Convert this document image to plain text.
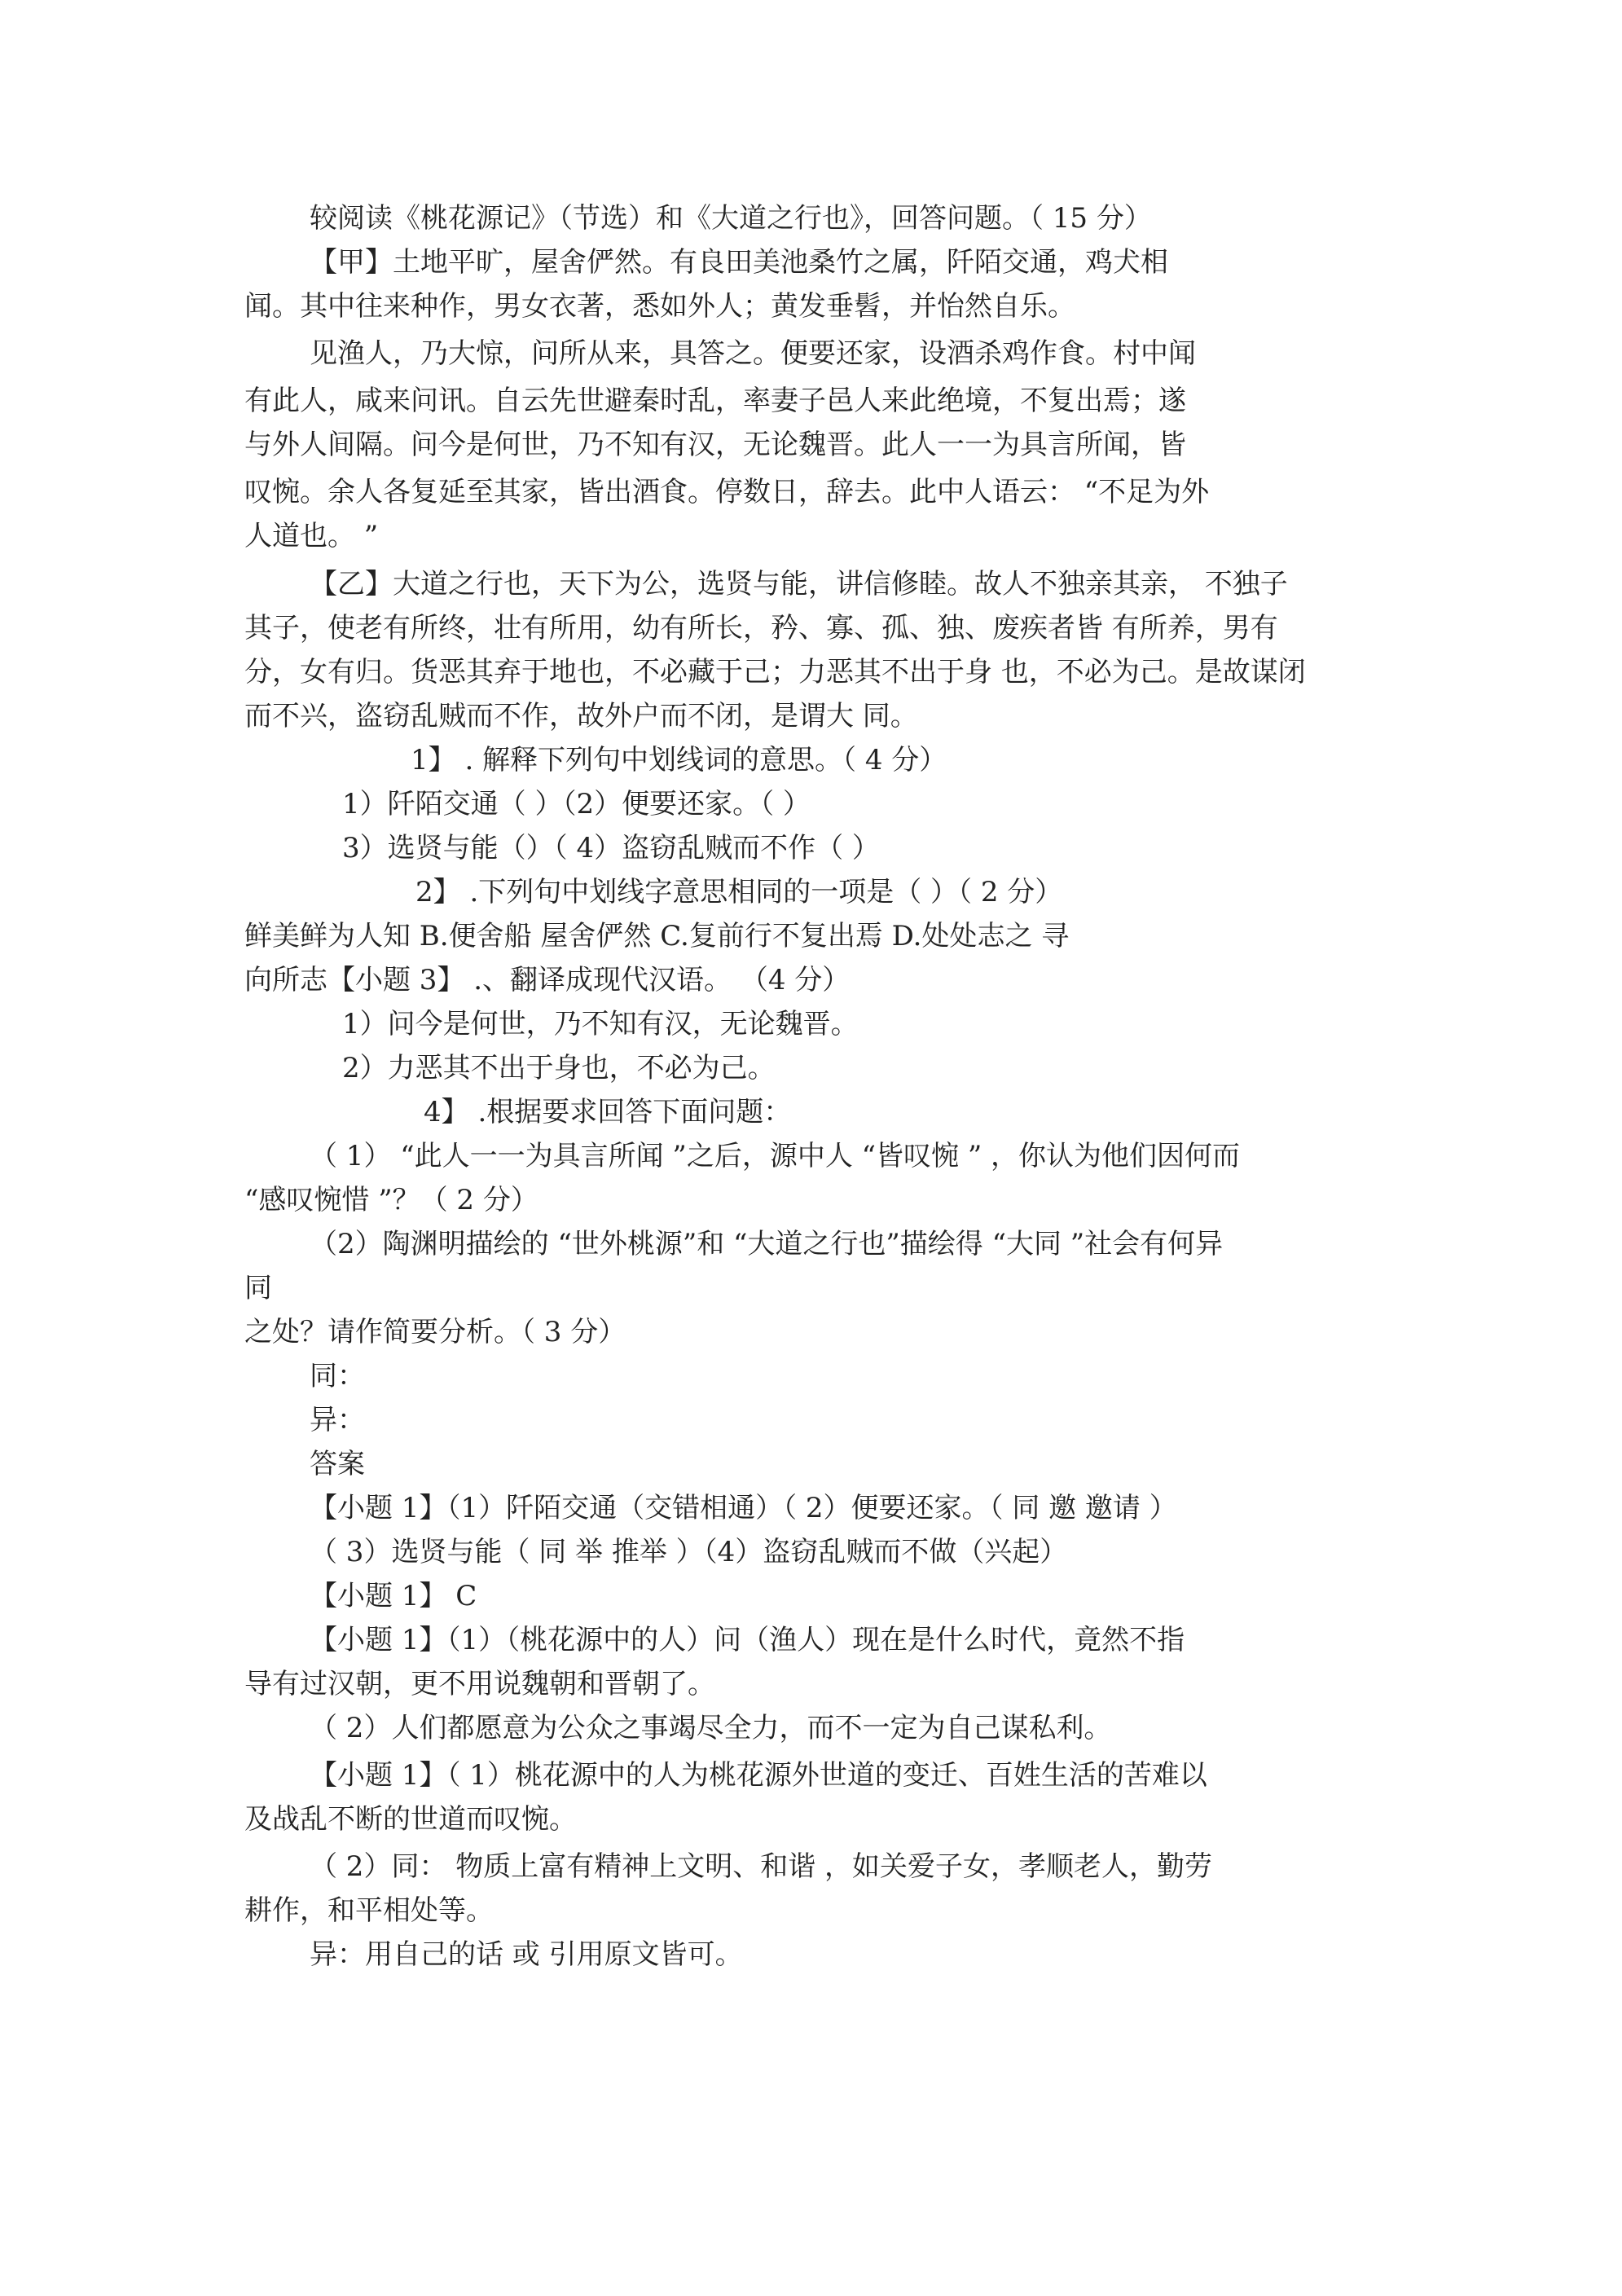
较阅读《桃花源记》（节选）和《大道之行也》，回答问题。（ 15 分）

【甲】土地平旷，屋舍俨然。有良田美池桑竹之属，阡陌交通，鸡犬相

闻。其中往来种作，男女衣著，悉如外人；黄发垂髫，并怡然自乐。

见渔人，乃大惊，问所从来，具答之。便要还家，设酒杀鸡作食。村中闻

有此人，咸来问讯。自云先世避秦时乱，率妻子邑人来此绝境，不复出焉；遂

与外人间隔。问今是何世，乃不知有汉，无论魏晋。此人一一为具言所闻，皆

叹惋。余人各复延至其家，皆出酒食。停数日，辞去。此中人语云： “不足为外

人道也。 ”

【乙】大道之行也，天下为公，选贤与能，讲信修睦。故人不独亲其亲， 不独子

其子，使老有所终，壮有所用，幼有所长，矜、寡、孤、独、废疾者皆 有所养，男有

分，女有归。货恶其弃于地也，不必藏于己；力恶其不出于身 也，不必为己。是故谋闭

而不兴，盗窃乱贼而不作，故外户而不闭，是谓大 同。

1】 . 解释下列句中划线词的意思。（ 4 分）

1）阡陌交通（ ）（2）便要还家。（ ）

3）选贤与能（）（ 4）盗窃乱贼而不作（ ）

2】 .下列句中划线字意思相同的一项是（ ）（ 2 分）

鲜美鲜为人知 B.便舍船 屋舍俨然 C.复前行不复出焉 D.处处志之 寻

向所志【小题 3】 .、翻译成现代汉语。 （4 分）

1）问今是何世，乃不知有汉，无论魏晋。

2）力恶其不出于身也，不必为己。

4】 .根据要求回答下面问题：

（ 1） “此人一一为具言所闻 ”之后，源中人 “皆叹惋 ” ，你认为他们因何而

“感叹惋惜 ”？（ 2 分）

（2）陶渊明描绘的 “世外桃源”和 “大道之行也”描绘得 “大同 ”社会有何异

同

之处？请作简要分析。（ 3 分）

同：

异：

答案

【小题 1】（1）阡陌交通（交错相通）（ 2）便要还家。（ 同 邀 邀请 ）

（ 3）选贤与能（ 同 举 推举 ）（4）盗窃乱贼而不做（兴起）

【小题 1】 C

【小题 1】（1）（桃花源中的人）问（渔人）现在是什么时代，竟然不指

导有过汉朝，更不用说魏朝和晋朝了。

（ 2）人们都愿意为公众之事竭尽全力，而不一定为自己谋私利。

【小题 1】（ 1）桃花源中的人为桃花源外世道的变迁、百姓生活的苦难以

及战乱不断的世道而叹惋。

（ 2）同： 物质上富有精神上文明、和谐 ，如关爱子女，孝顺老人，勤劳

耕作，和平相处等。

异：用自己的话 或 引用原文皆可。
